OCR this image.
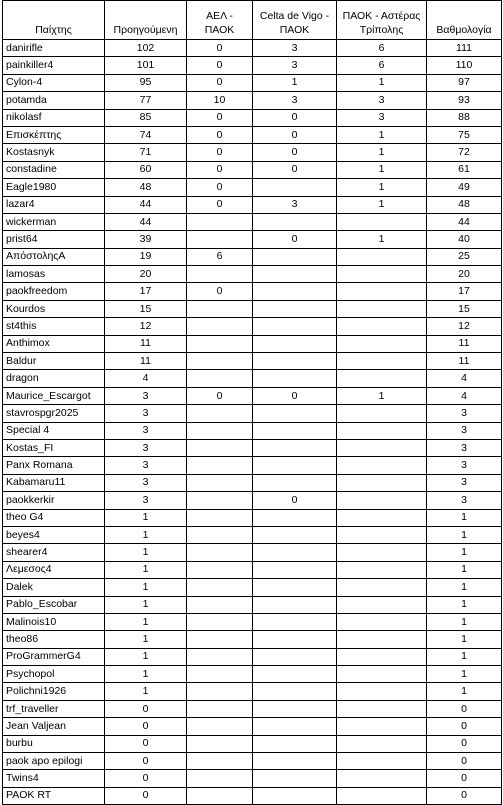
Παίχτης	Προηγούμενη	ΑΕΛ - ΠΑΟΚ	Celta de Vigo - ΠΑΟΚ	ΠΑΟΚ - Αστέρας Τρίπολης	Βαθμολογία
danirifle	102	0	3	6	111
painkiller4	101	0	3	6	110
Cylon-4	95	0	1	1	97
potamda	77	10	3	3	93
nikolasf	85	0	0	3	88
Επισκέπτης	74	0	0	1	75
Kostasnyk	71	0	0	1	72
constadine	60	0	0	1	61
Eagle1980	48	0		1	49
lazar4	44	0	3	1	48
wickerman	44				44
prist64	39		0	1	40
ΑπόστοληςΑ	19	6			25
lamosas	20				20
paokfreedom	17	0			17
Kourdos	15				15
st4this	12				12
Anthimox	11				11
Baldur	11				11
dragon	4				4
Maurice_Escargot	3	0	0	1	4
stavrospgr2025	3				3
Special 4	3				3
Kostas_FI	3				3
Panx Romana	3				3
Kabamaru11	3				3
paokkerkir	3		0		3
theo G4	1				1
beyes4	1				1
shearer4	1				1
Λεμεσος4	1				1
Dalek	1				1
Pablo_Escobar	1				1
Malinois10	1				1
theo86	1				1
ProGrammerG4	1				1
Psychopol	1				1
Polichni1926	1				1
trf_traveller	0				0
Jean Valjean	0				0
burbu	0				0
paok apo epilogi	0				0
Twins4	0				0
PAOK RT	0				0
